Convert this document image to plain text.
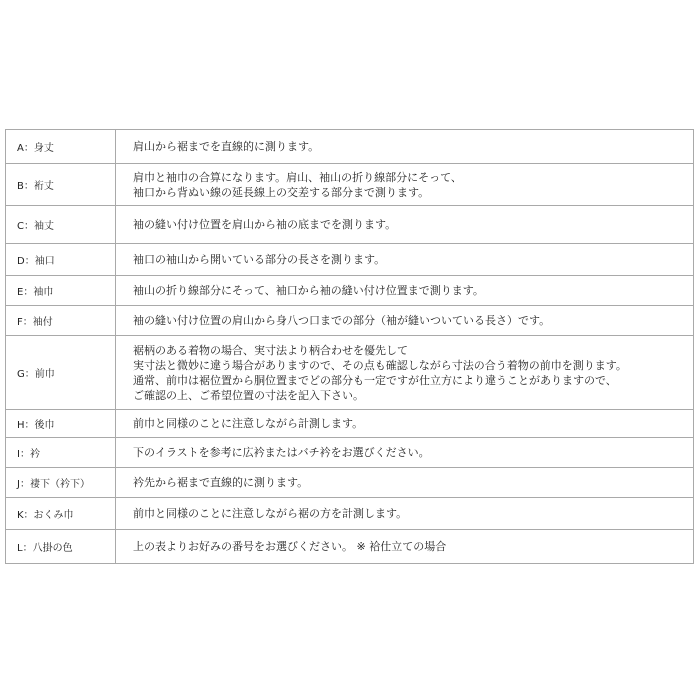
A：身丈	肩山から裾までを直線的に測ります。

B：裄丈	肩巾と袖巾の合算になります。肩山、袖山の折り線部分にそって、
袖口から背ぬい線の延長線上の交差する部分まで測ります。

C：袖丈	袖の縫い付け位置を肩山から袖の底までを測ります。

D：袖口	袖口の袖山から開いている部分の長さを測ります。

E：袖巾	袖山の折り線部分にそって、袖口から袖の縫い付け位置まで測ります。

F：袖付	袖の縫い付け位置の肩山から身八つ口までの部分（袖が縫いついている長さ）です。

G：前巾	裾柄のある着物の場合、実寸法より柄合わせを優先して
実寸法と微妙に違う場合がありますので、その点も確認しながら寸法の合う着物の前巾を測ります。
通常、前巾は裾位置から胴位置までどの部分も一定ですが仕立方により違うことがありますので、
ご確認の上、ご希望位置の寸法を記入下さい。

H：後巾	前巾と同様のことに注意しながら計測します。

I：衿	下のイラストを参考に広衿またはバチ衿をお選びください。

J：褄下（衿下）	衿先から裾まで直線的に測ります。

K：おくみ巾	前巾と同様のことに注意しながら裾の方を計測します。

L：八掛の色	上の表よりお好みの番号をお選びください。 ※ 袷仕立ての場合
